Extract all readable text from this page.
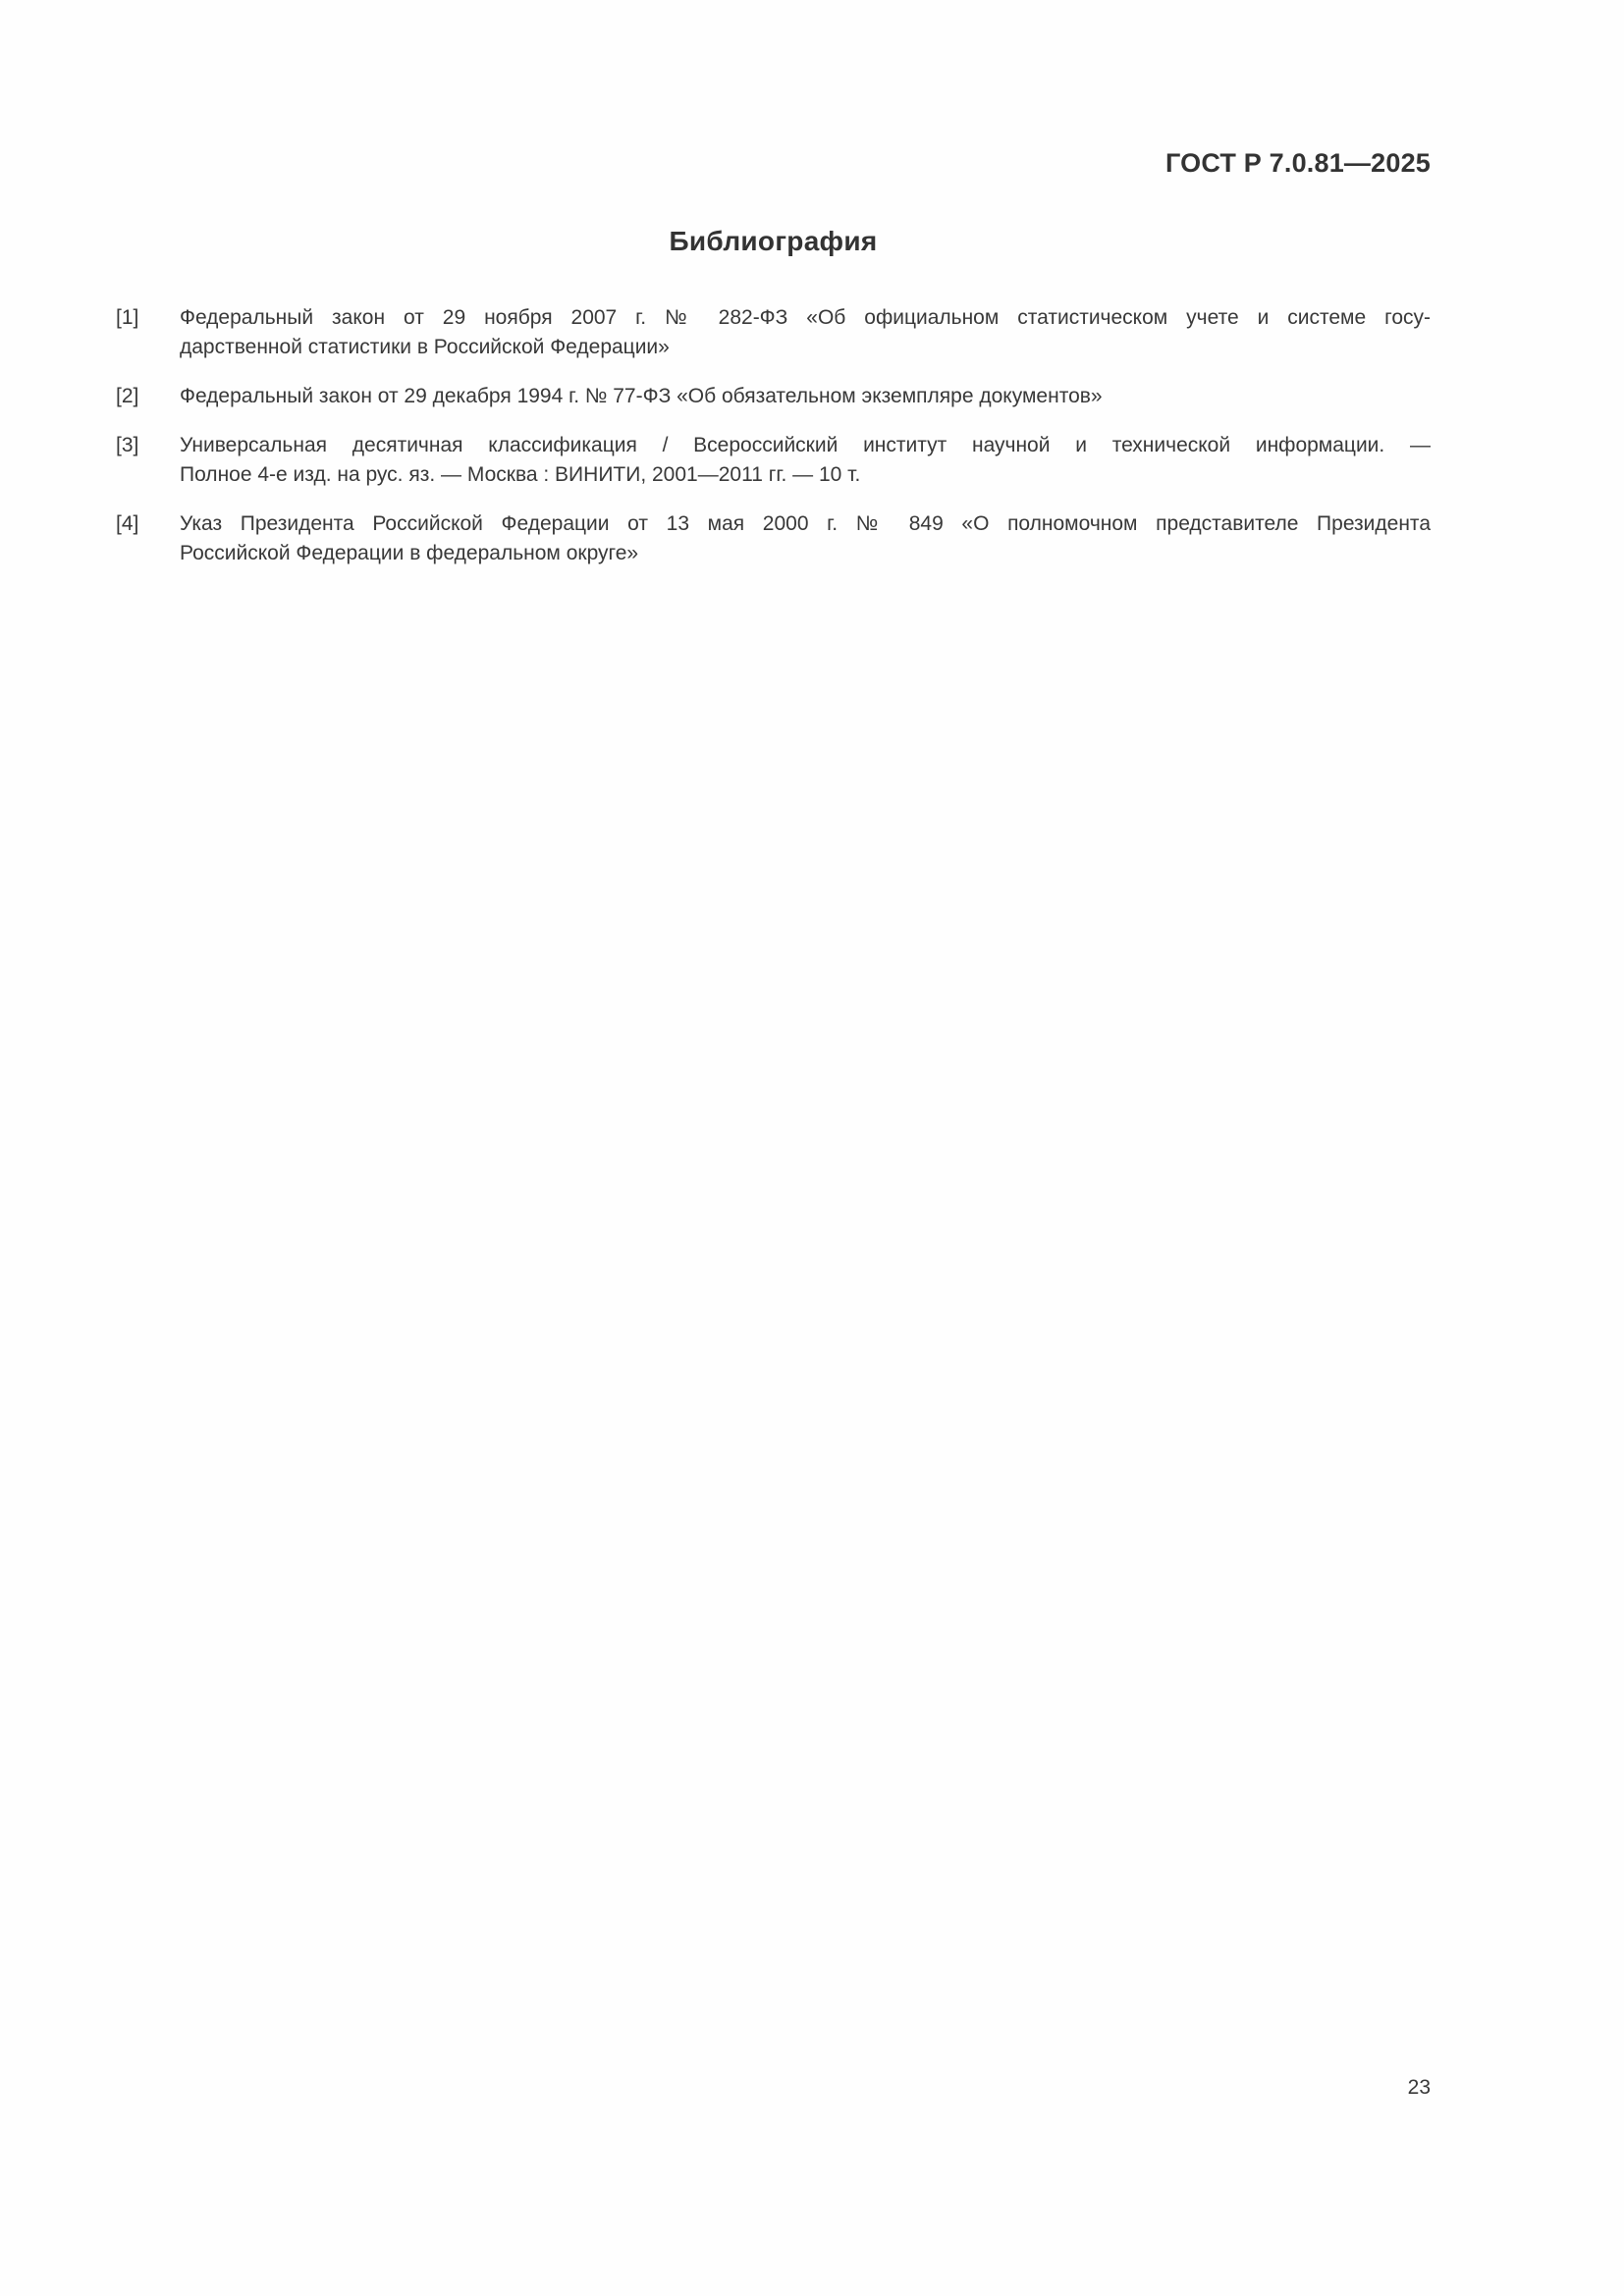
ГОСТ Р 7.0.81—2025
Библиография
[1]	Федеральный закон от 29 ноября 2007 г. № 282-ФЗ «Об официальном статистическом учете и системе госу-
дарственной статистики в Российской Федерации»
[2]	Федеральный закон от 29 декабря 1994 г. № 77-ФЗ «Об обязательном экземпляре документов»
[3]	Универсальная десятичная классификация / Всероссийский институт научной и технической информации. —
Полное 4-е изд. на рус. яз. — Москва : ВИНИТИ, 2001—2011 гг. — 10 т.
[4]	Указ Президента Российской Федерации от 13 мая 2000 г. № 849 «О полномочном представителе Президента
Российской Федерации в федеральном округе»
23
